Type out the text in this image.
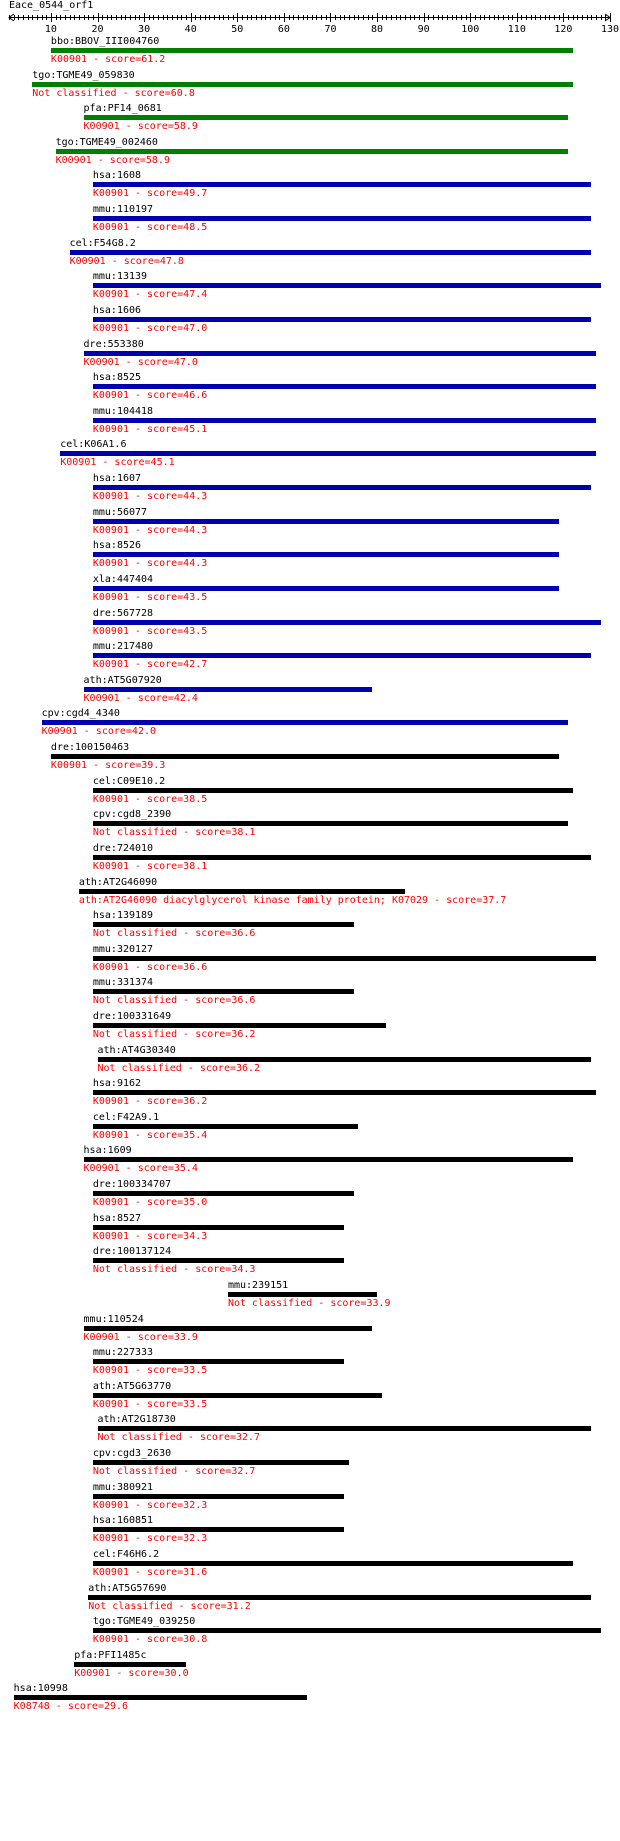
Eace_0544_orf1
10	20	30	40	50	60	70	80	90	100	110	120	130
bbo:BBOV_III004760
K00901 - score=61.2
tgo:TGME49_059830
Not classified - score=60.8
pfa:PF14_0681
K00901 - score=58.9
tgo:TGME49_002460
K00901 - score=58.9
hsa:1608
K00901 - score=49.7
mmu:110197
K00901 - score=48.5
cel:F54G8.2
K00901 - score=47.8
mmu:13139
K00901 - score=47.4
hsa:1606
K00901 - score=47.0
dre:553380
K00901 - score=47.0
hsa:8525
K00901 - score=46.6
mmu:104418
K00901 - score=45.1
cel:K06A1.6
K00901 - score=45.1
hsa:1607
K00901 - score=44.3
mmu:56077
K00901 - score=44.3
hsa:8526
K00901 - score=44.3
xla:447404
K00901 - score=43.5
dre:567728
K00901 - score=43.5
mmu:217480
K00901 - score=42.7
ath:AT5G07920
K00901 - score=42.4
cpv:cgd4_4340
K00901 - score=42.0
dre:100150463
K00901 - score=39.3
cel:C09E10.2
K00901 - score=38.5
cpv:cgd8_2390
Not classified - score=38.1
dre:724010
K00901 - score=38.1
ath:AT2G46090
ath:AT2G46090 diacylglycerol kinase family protein; K07029 - score=37.7
hsa:139189
Not classified - score=36.6
mmu:320127
K00901 - score=36.6
mmu:331374
Not classified - score=36.6
dre:100331649
Not classified - score=36.2
ath:AT4G30340
Not classified - score=36.2
hsa:9162
K00901 - score=36.2
cel:F42A9.1
K00901 - score=35.4
hsa:1609
K00901 - score=35.4
dre:100334707
K00901 - score=35.0
hsa:8527
K00901 - score=34.3
dre:100137124
Not classified - score=34.3
mmu:239151
Not classified - score=33.9
mmu:110524
K00901 - score=33.9
mmu:227333
K00901 - score=33.5
ath:AT5G63770
K00901 - score=33.5
ath:AT2G18730
Not classified - score=32.7
cpv:cgd3_2630
Not classified - score=32.7
mmu:380921
K00901 - score=32.3
hsa:160851
K00901 - score=32.3
cel:F46H6.2
K00901 - score=31.6
ath:AT5G57690
Not classified - score=31.2
tgo:TGME49_039250
K00901 - score=30.8
pfa:PFI1485c
K00901 - score=30.0
hsa:10998
K08748 - score=29.6
